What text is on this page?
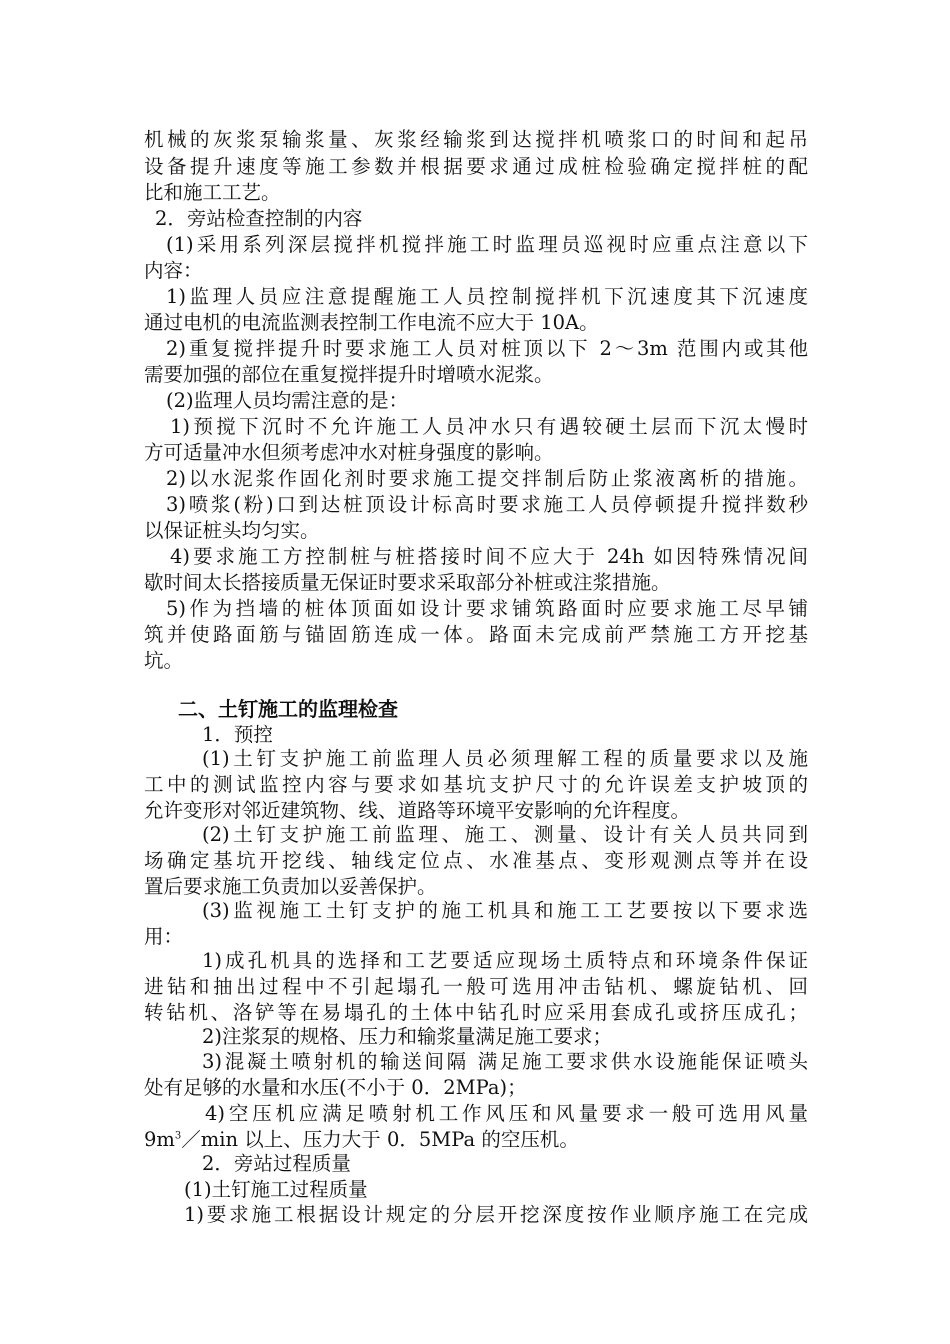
机械的灰浆泵输浆量、灰浆经输浆到达搅拌机喷浆口的时间和起吊
设备提升速度等施工参数并根据要求通过成桩检验确定搅拌桩的配
比和施工工艺。
2．旁站检查控制的内容
(1)采用系列深层搅拌机搅拌施工时监理员巡视时应重点注意以下
内容：
1)监理人员应注意提醒施工人员控制搅拌机下沉速度其下沉速度
通过电机的电流监测表控制工作电流不应大于 10A。
2)重复搅拌提升时要求施工人员对桩顶以下 2～3m 范围内或其他
需要加强的部位在重复搅拌提升时增喷水泥浆。
(2)监理人员均需注意的是：
1)预搅下沉时不允许施工人员冲水只有遇较硬土层而下沉太慢时
方可适量冲水但须考虑冲水对桩身强度的影响。
2)以水泥浆作固化剂时要求施工提交拌制后防止浆液离析的措施。
3)喷浆(粉)口到达桩顶设计标高时要求施工人员停顿提升搅拌数秒
以保证桩头均匀实。
4)要求施工方控制桩与桩搭接时间不应大于 24h 如因特殊情况间
歇时间太长搭接质量无保证时要求采取部分补桩或注浆措施。
5)作为挡墙的桩体顶面如设计要求铺筑路面时应要求施工尽早铺
筑并使路面筋与锚固筋连成一体。路面未完成前严禁施工方开挖基
坑。
二、土钉施工的监理检查
1．预控
(1)土钉支护施工前监理人员必须理解工程的质量要求以及施
工中的测试监控内容与要求如基坑支护尺寸的允许误差支护坡顶的
允许变形对邻近建筑物、线、道路等环境平安影响的允许程度。
(2)土钉支护施工前监理、施工、测量、设计有关人员共同到
场确定基坑开挖线、轴线定位点、水准基点、变形观测点等并在设
置后要求施工负责加以妥善保护。
(3)监视施工土钉支护的施工机具和施工工艺要按以下要求选
用：
1)成孔机具的选择和工艺要适应现场土质特点和环境条件保证
进钻和抽出过程中不引起塌孔一般可选用冲击钻机、螺旋钻机、回
转钻机、洛铲等在易塌孔的土体中钻孔时应采用套成孔或挤压成孔；
2)注浆泵的规格、压力和输浆量满足施工要求；
3)混凝土喷射机的输送间隔 满足施工要求供水设施能保证喷头
处有足够的水量和水压(不小于 0．2MPa)；
4)空压机应满足喷射机工作风压和风量要求一般可选用风量
$9m^3/\min$ 以上、压力大于 0．5MPa 的空压机。
2．旁站过程质量
(1)土钉施工过程质量
1)要求施工根据设计规定的分层开挖深度按作业顺序施工在完成
